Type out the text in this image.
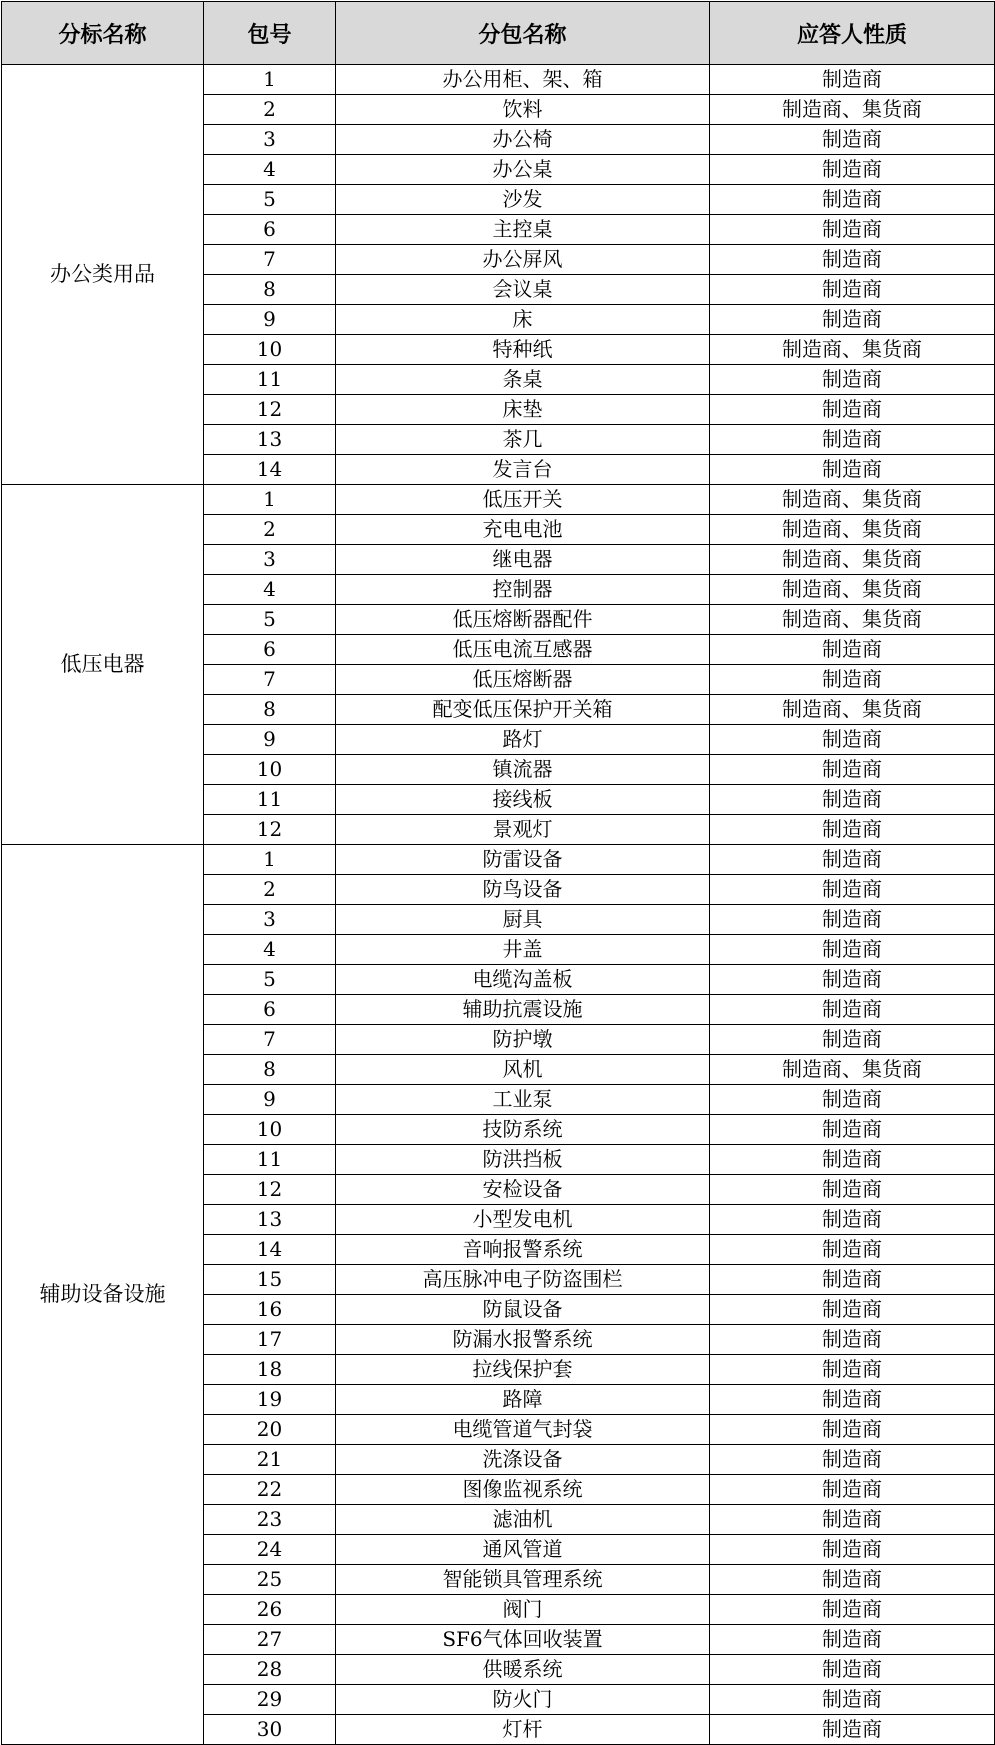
分标名称	包号	分包名称	应答人性质
办公类用品	1	办公用柜、架、箱	制造商
	2	饮料	制造商、集货商
	3	办公椅	制造商
	4	办公桌	制造商
	5	沙发	制造商
	6	主控桌	制造商
	7	办公屏风	制造商
	8	会议桌	制造商
	9	床	制造商
	10	特种纸	制造商、集货商
	11	条桌	制造商
	12	床垫	制造商
	13	茶几	制造商
	14	发言台	制造商
低压电器	1	低压开关	制造商、集货商
	2	充电电池	制造商、集货商
	3	继电器	制造商、集货商
	4	控制器	制造商、集货商
	5	低压熔断器配件	制造商、集货商
	6	低压电流互感器	制造商
	7	低压熔断器	制造商
	8	配变低压保护开关箱	制造商、集货商
	9	路灯	制造商
	10	镇流器	制造商
	11	接线板	制造商
	12	景观灯	制造商
辅助设备设施	1	防雷设备	制造商
	2	防鸟设备	制造商
	3	厨具	制造商
	4	井盖	制造商
	5	电缆沟盖板	制造商
	6	辅助抗震设施	制造商
	7	防护墩	制造商
	8	风机	制造商、集货商
	9	工业泵	制造商
	10	技防系统	制造商
	11	防洪挡板	制造商
	12	安检设备	制造商
	13	小型发电机	制造商
	14	音响报警系统	制造商
	15	高压脉冲电子防盗围栏	制造商
	16	防鼠设备	制造商
	17	防漏水报警系统	制造商
	18	拉线保护套	制造商
	19	路障	制造商
	20	电缆管道气封袋	制造商
	21	洗涤设备	制造商
	22	图像监视系统	制造商
	23	滤油机	制造商
	24	通风管道	制造商
	25	智能锁具管理系统	制造商
	26	阀门	制造商
	27	SF6气体回收装置	制造商
	28	供暖系统	制造商
	29	防火门	制造商
	30	灯杆	制造商
